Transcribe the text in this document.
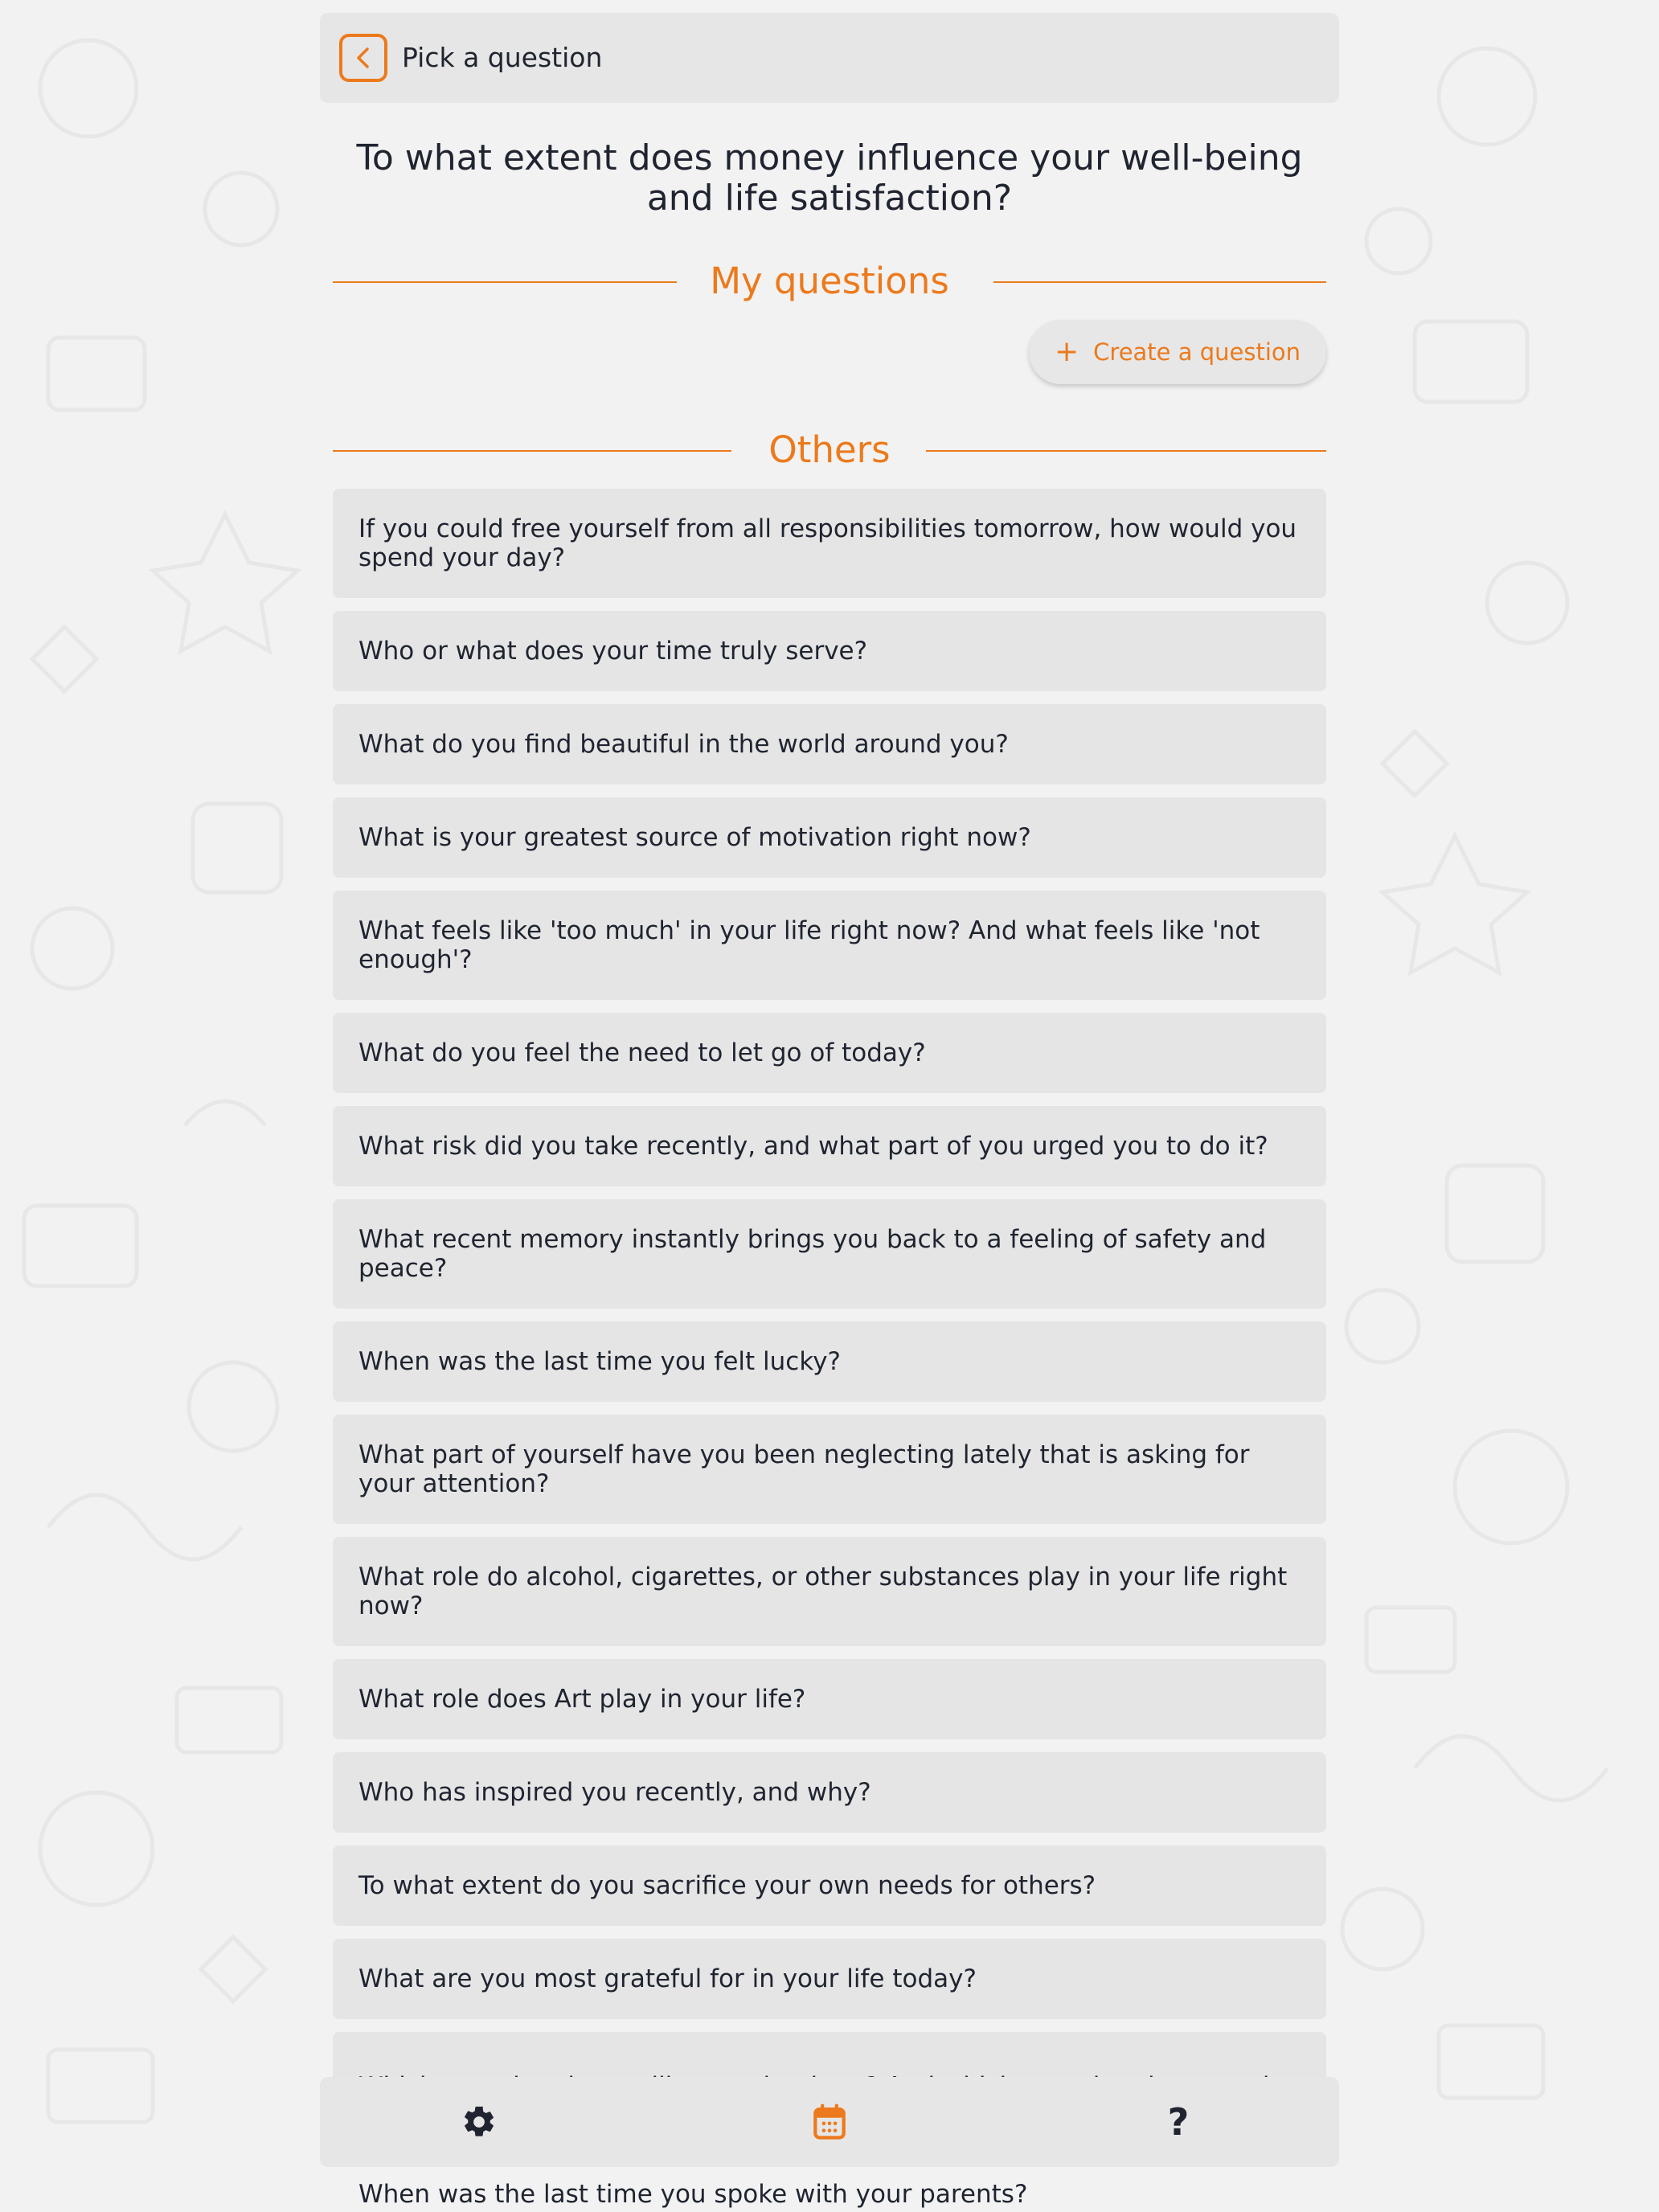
Pick a question
To what extent does money influence your well-being and life satisfaction?
My questions
+ Create a question
Others
If you could free yourself from all responsibilities tomorrow, how would you spend your day?
Who or what does your time truly serve?
What do you find beautiful in the world around you?
What is your greatest source of motivation right now?
What feels like 'too much' in your life right now? And what feels like 'not enough'?
What do you feel the need to let go of today?
What risk did you take recently, and what part of you urged you to do it?
What recent memory instantly brings you back to a feeling of safety and peace?
When was the last time you felt lucky?
What part of yourself have you been neglecting lately that is asking for your attention?
What role do alcohol, cigarettes, or other substances play in your life right now?
What role does Art play in your life?
Who has inspired you recently, and why?
To what extent do you sacrifice your own needs for others?
What are you most grateful for in your life today?
When was the last time you spoke with your parents?
?
